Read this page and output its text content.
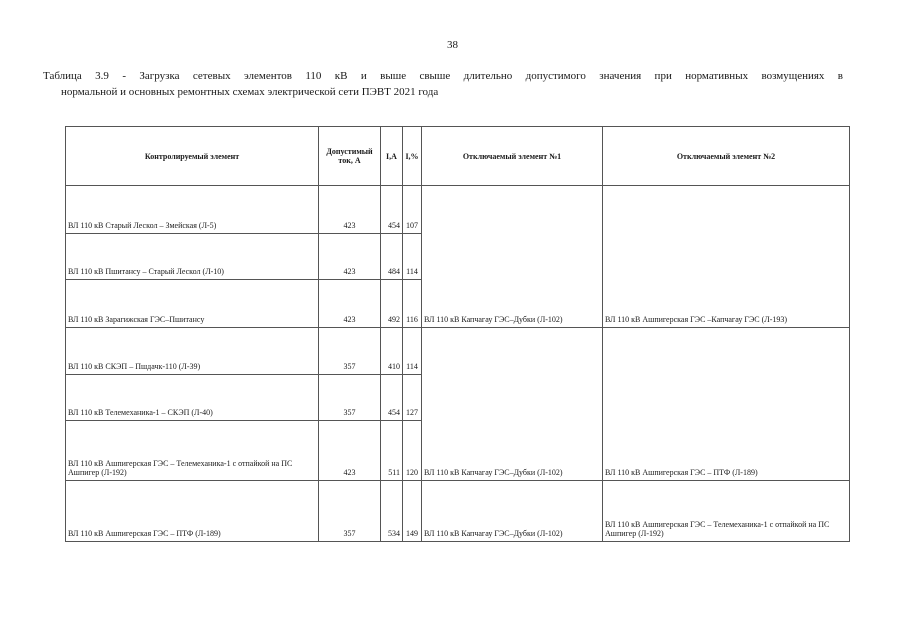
38
Таблица 3.9 - Загрузка сетевых элементов 110 кВ и выше свыше длительно допустимого значения при нормативных возмущениях в
нормальной и основных ремонтных схемах электрической сети ПЭВТ 2021 года
Контролируемый элемент	Допустимый ток, А	I,А	I,%	Отключаемый элемент №1	Отключаемый элемент №2
ВЛ 110 кВ Старый Лескол – Змейская (Л-5)	423	454	107	ВЛ 110 кВ Капчагау ГЭС–Дубки (Л-102)	ВЛ 110 кВ Ашпигерская ГЭС –Капчагау ГЭС (Л-193)
ВЛ 110 кВ Пшитансу – Старый Лескол (Л-10)	423	484	114		
ВЛ 110 кВ Зарагижская ГЭС–Пшитансу	423	492	116		
ВЛ 110 кВ СКЭП – Пшдачк-110 (Л-39)	357	410	114	ВЛ 110 кВ Капчагау ГЭС–Дубки (Л-102)	ВЛ 110 кВ Ашпигерская ГЭС – ПТФ (Л-189)
ВЛ 110 кВ Телемеханика-1 – СКЭП (Л-40)	357	454	127		
ВЛ 110 кВ Ашпигерская ГЭС – Телемеханика-1 с отпайкой на ПС Ашпигер (Л-192)	423	511	120		
ВЛ 110 кВ Ашпигерская ГЭС – ПТФ (Л-189)	357	534	149	ВЛ 110 кВ Капчагау ГЭС–Дубки (Л-102)	ВЛ 110 кВ Ашпигерская ГЭС – Телемеханика-1 с отпайкой на ПС Ашпигер (Л-192)
